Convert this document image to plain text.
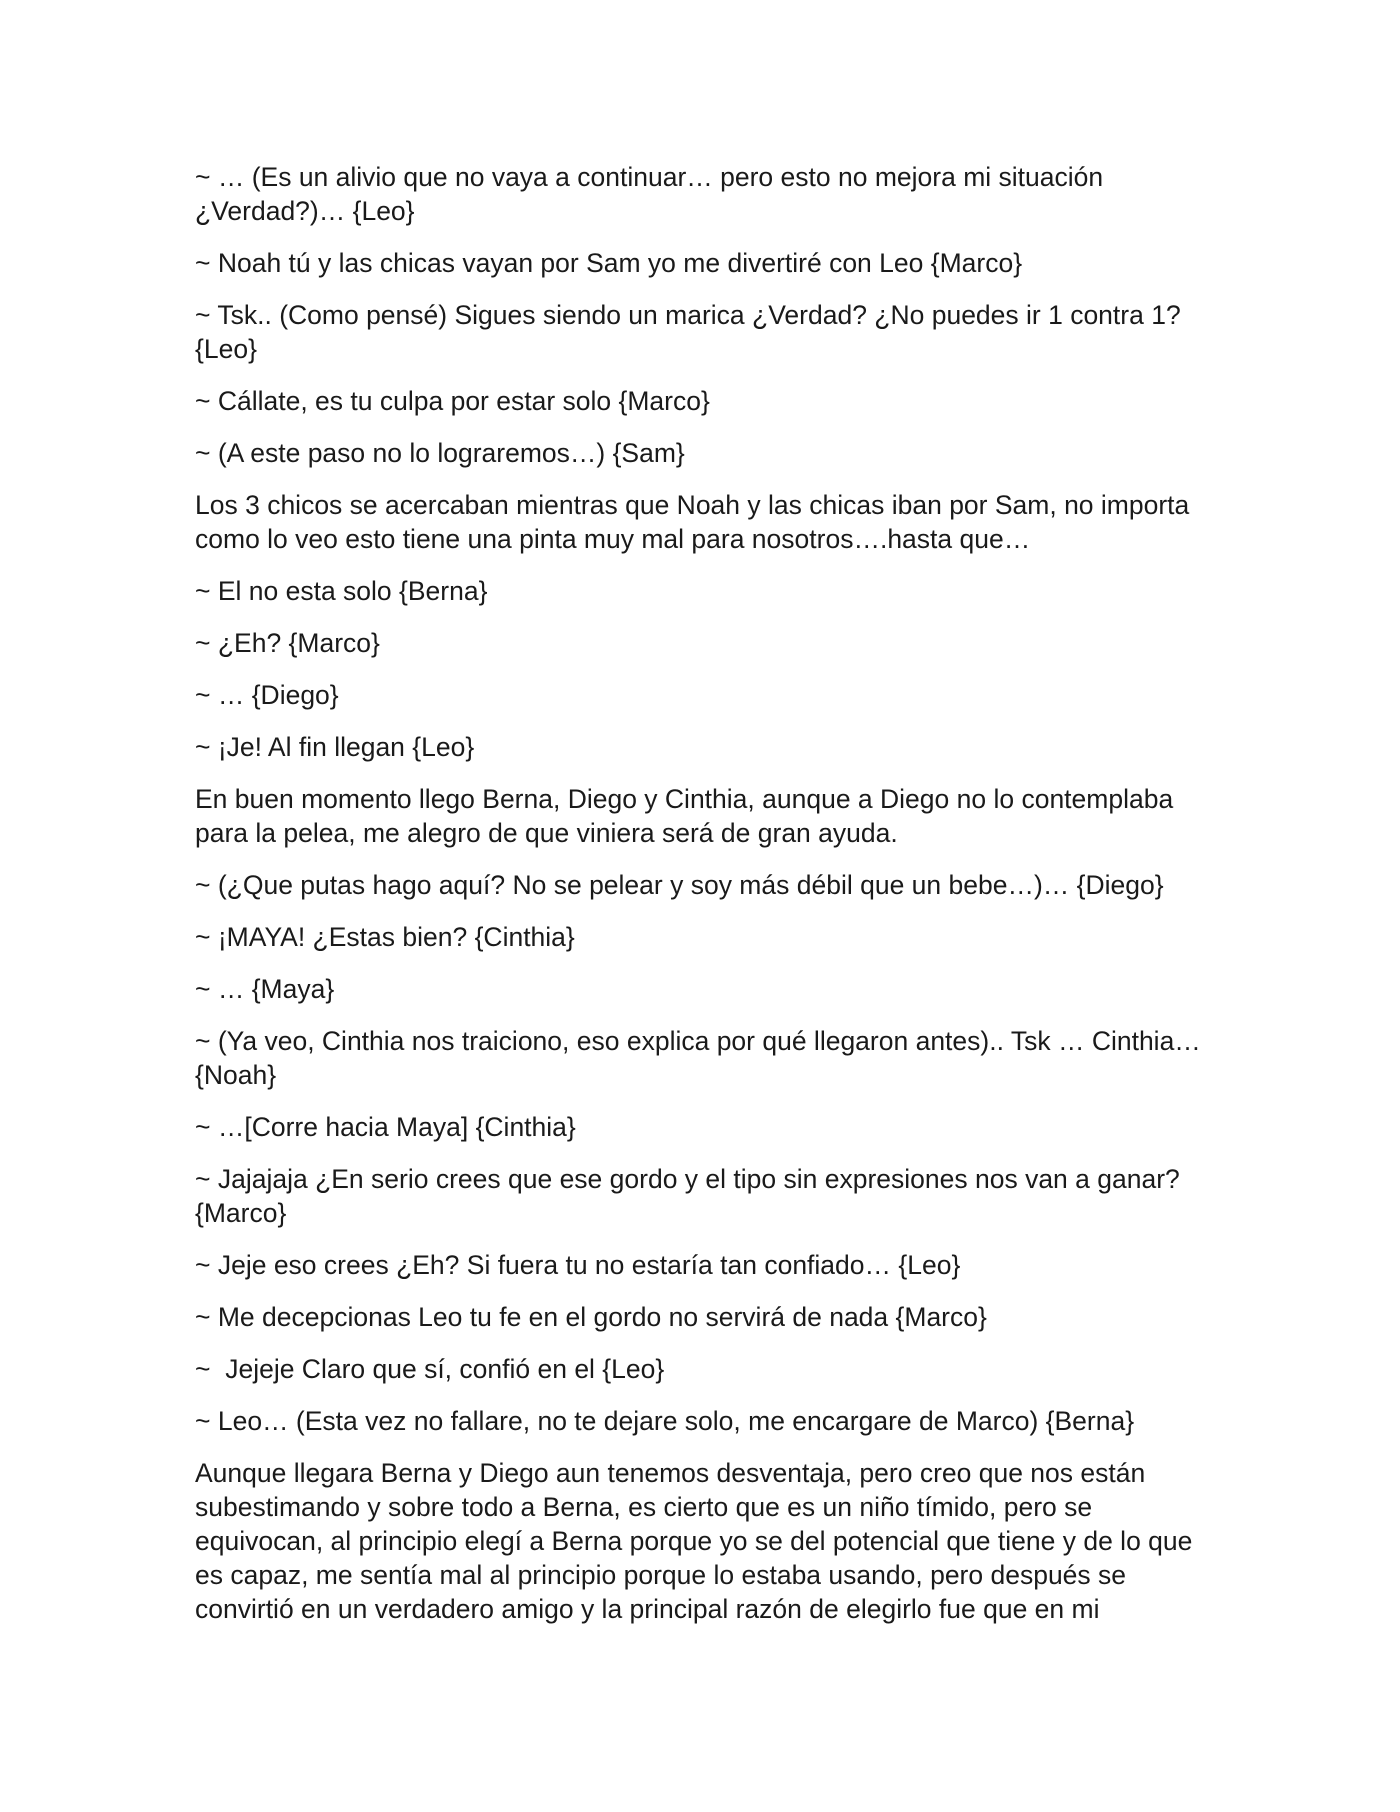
~ … (Es un alivio que no vaya a continuar… pero esto no mejora mi situación ¿Verdad?)… {Leo}

~ Noah tú y las chicas vayan por Sam yo me divertiré con Leo {Marco}

~ Tsk.. (Como pensé) Sigues siendo un marica ¿Verdad? ¿No puedes ir 1 contra 1? {Leo}

~ Cállate, es tu culpa por estar solo {Marco}

~ (A este paso no lo lograremos…) {Sam}

Los 3 chicos se acercaban mientras que Noah y las chicas iban por Sam, no importa como lo veo esto tiene una pinta muy mal para nosotros….hasta que…

~ El no esta solo {Berna}

~ ¿Eh? {Marco}

~ … {Diego}

~ ¡Je! Al fin llegan {Leo}

En buen momento llego Berna, Diego y Cinthia, aunque a Diego no lo contemplaba para la pelea, me alegro de que viniera será de gran ayuda.

~ (¿Que putas hago aquí? No se pelear y soy más débil que un bebe…)… {Diego}

~ ¡MAYA! ¿Estas bien? {Cinthia}

~ … {Maya}

~ (Ya veo, Cinthia nos traiciono, eso explica por qué llegaron antes).. Tsk … Cinthia… {Noah}

~ …[Corre hacia Maya] {Cinthia}

~ Jajajaja ¿En serio crees que ese gordo y el tipo sin expresiones nos van a ganar? {Marco}

~ Jeje eso crees ¿Eh? Si fuera tu no estaría tan confiado… {Leo}

~ Me decepcionas Leo tu fe en el gordo no servirá de nada {Marco}

~  Jejeje Claro que sí, confió en el {Leo}

~ Leo… (Esta vez no fallare, no te dejare solo, me encargare de Marco) {Berna}

Aunque llegara Berna y Diego aun tenemos desventaja, pero creo que nos están subestimando y sobre todo a Berna, es cierto que es un niño tímido, pero se equivocan, al principio elegí a Berna porque yo se del potencial que tiene y de lo que es capaz, me sentía mal al principio porque lo estaba usando, pero después se convirtió en un verdadero amigo y la principal razón de elegirlo fue que en mi
